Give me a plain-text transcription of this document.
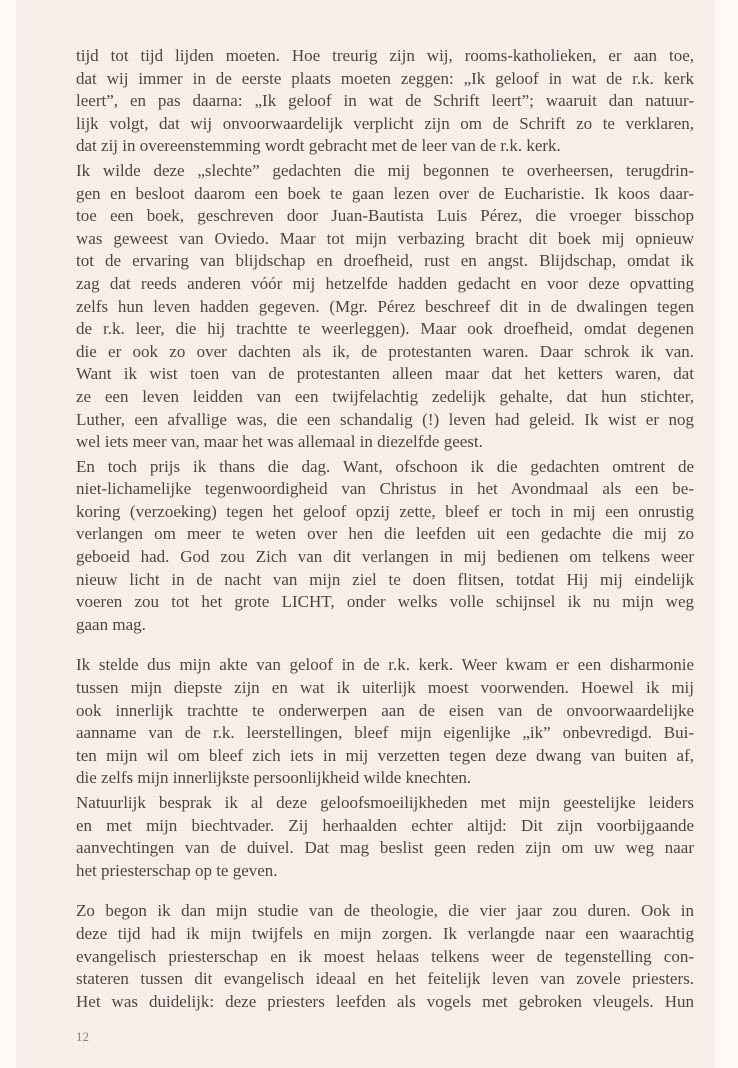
tijd tot tijd lijden moeten. Hoe treurig zijn wij, rooms-katholieken, er aan toe,
dat wij immer in de eerste plaats moeten zeggen: „Ik geloof in wat de r.k. kerk
leert”, en pas daarna: „Ik geloof in wat de Schrift leert”; waaruit dan natuur-
lijk volgt, dat wij onvoorwaardelijk verplicht zijn om de Schrift zo te verklaren,
dat zij in overeenstemming wordt gebracht met de leer van de r.k. kerk.
Ik wilde deze „slechte” gedachten die mij begonnen te overheersen, terugdrin-
gen en besloot daarom een boek te gaan lezen over de Eucharistie. Ik koos daar-
toe een boek, geschreven door Juan-Bautista Luis Pérez, die vroeger bisschop
was geweest van Oviedo. Maar tot mijn verbazing bracht dit boek mij opnieuw
tot de ervaring van blijdschap en droefheid, rust en angst. Blijdschap, omdat ik
zag dat reeds anderen vóór mij hetzelfde hadden gedacht en voor deze opvatting
zelfs hun leven hadden gegeven. (Mgr. Pérez beschreef dit in de dwalingen tegen
de r.k. leer, die hij trachtte te weerleggen). Maar ook droefheid, omdat degenen
die er ook zo over dachten als ik, de protestanten waren. Daar schrok ik van.
Want ik wist toen van de protestanten alleen maar dat het ketters waren, dat
ze een leven leidden van een twijfelachtig zedelijk gehalte, dat hun stichter,
Luther, een afvallige was, die een schandalig (!) leven had geleid. Ik wist er nog
wel iets meer van, maar het was allemaal in diezelfde geest.
En toch prijs ik thans die dag. Want, ofschoon ik die gedachten omtrent de
niet-lichamelijke tegenwoordigheid van Christus in het Avondmaal als een be-
koring (verzoeking) tegen het geloof opzij zette, bleef er toch in mij een onrustig
verlangen om meer te weten over hen die leefden uit een gedachte die mij zo
geboeid had. God zou Zich van dit verlangen in mij bedienen om telkens weer
nieuw licht in de nacht van mijn ziel te doen flitsen, totdat Hij mij eindelijk
voeren zou tot het grote LICHT, onder welks volle schijnsel ik nu mijn weg
gaan mag.
Ik stelde dus mijn akte van geloof in de r.k. kerk. Weer kwam er een disharmonie
tussen mijn diepste zijn en wat ik uiterlijk moest voorwenden. Hoewel ik mij
ook innerlijk trachtte te onderwerpen aan de eisen van de onvoorwaardelijke
aanname van de r.k. leerstellingen, bleef mijn eigenlijke „ik” onbevredigd. Bui-
ten mijn wil om bleef zich iets in mij verzetten tegen deze dwang van buiten af,
die zelfs mijn innerlijkste persoonlijkheid wilde knechten.
Natuurlijk besprak ik al deze geloofsmoeilijkheden met mijn geestelijke leiders
en met mijn biechtvader. Zij herhaalden echter altijd: Dit zijn voorbijgaande
aanvechtingen van de duivel. Dat mag beslist geen reden zijn om uw weg naar
het priesterschap op te geven.
Zo begon ik dan mijn studie van de theologie, die vier jaar zou duren. Ook in
deze tijd had ik mijn twijfels en mijn zorgen. Ik verlangde naar een waarachtig
evangelisch priesterschap en ik moest helaas telkens weer de tegenstelling con-
stateren tussen dit evangelisch ideaal en het feitelijk leven van zovele priesters.
Het was duidelijk: deze priesters leefden als vogels met gebroken vleugels. Hun
12
